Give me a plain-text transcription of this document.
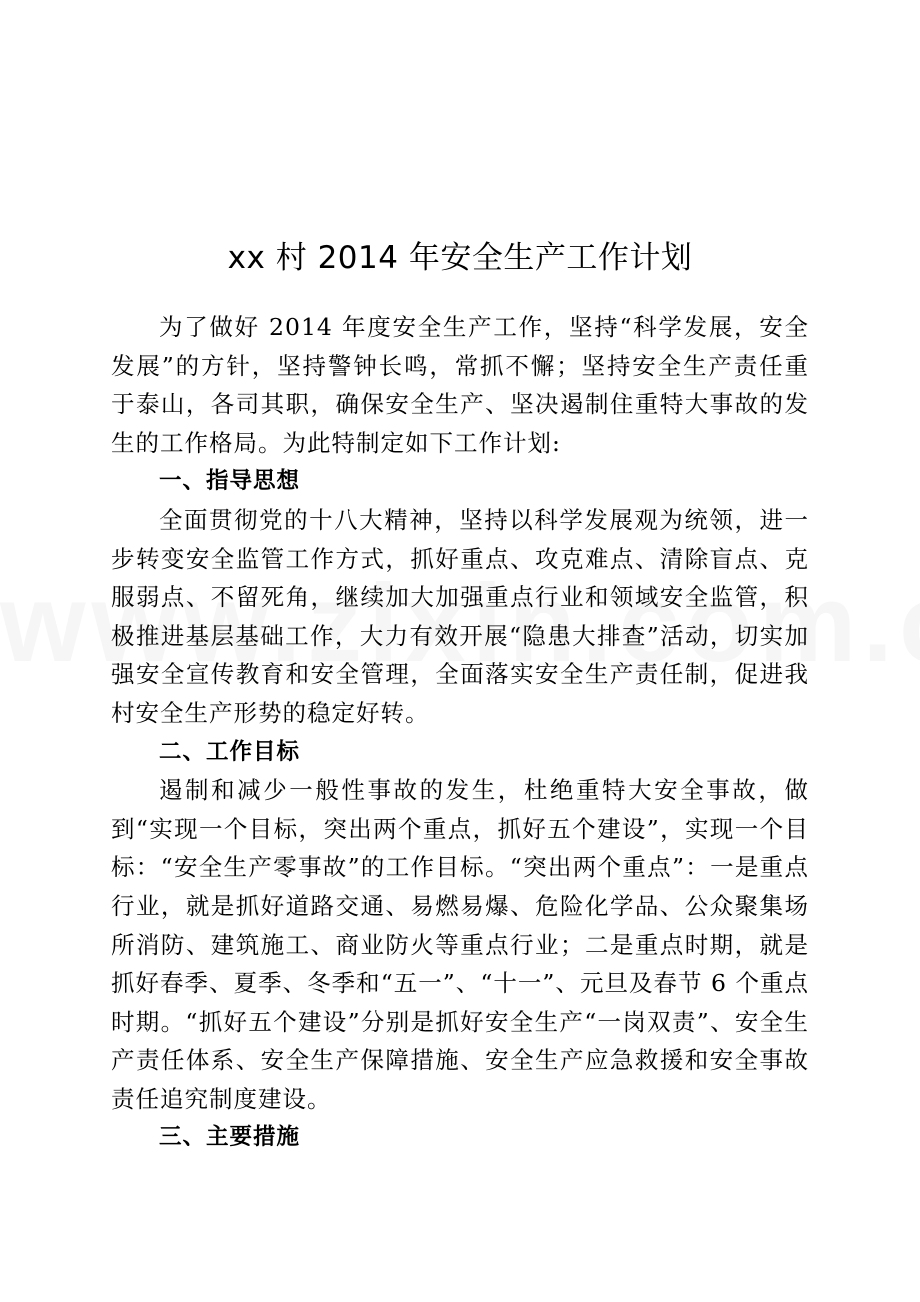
xx 村 2014 年安全生产工作计划

为了做好 2014 年度安全生产工作，坚持“科学发展，安全发展”的方针，坚持警钟长鸣，常抓不懈；坚持安全生产责任重于泰山，各司其职，确保安全生产、坚决遏制住重特大事故的发生的工作格局。为此特制定如下工作计划:

一、指导思想

全面贯彻党的十八大精神，坚持以科学发展观为统领，进一步转变安全监管工作方式，抓好重点、攻克难点、清除盲点、克服弱点、不留死角，继续加大加强重点行业和领域安全监管，积极推进基层基础工作，大力有效开展“隐患大排查”活动，切实加强安全宣传教育和安全管理，全面落实安全生产责任制，促进我村安全生产形势的稳定好转。

二、工作目标

遏制和减少一般性事故的发生，杜绝重特大安全事故，做到“实现一个目标，突出两个重点，抓好五个建设”，实现一个目标：“安全生产零事故”的工作目标。“突出两个重点”：一是重点行业，就是抓好道路交通、易燃易爆、危险化学品、公众聚集场所消防、建筑施工、商业防火等重点行业；二是重点时期，就是抓好春季、夏季、冬季和“五一”、“十一”、元旦及春节 6 个重点时期。“抓好五个建设”分别是抓好安全生产“一岗双责”、安全生产责任体系、安全生产保障措施、安全生产应急救援和安全事故责任追究制度建设。

三、主要措施
